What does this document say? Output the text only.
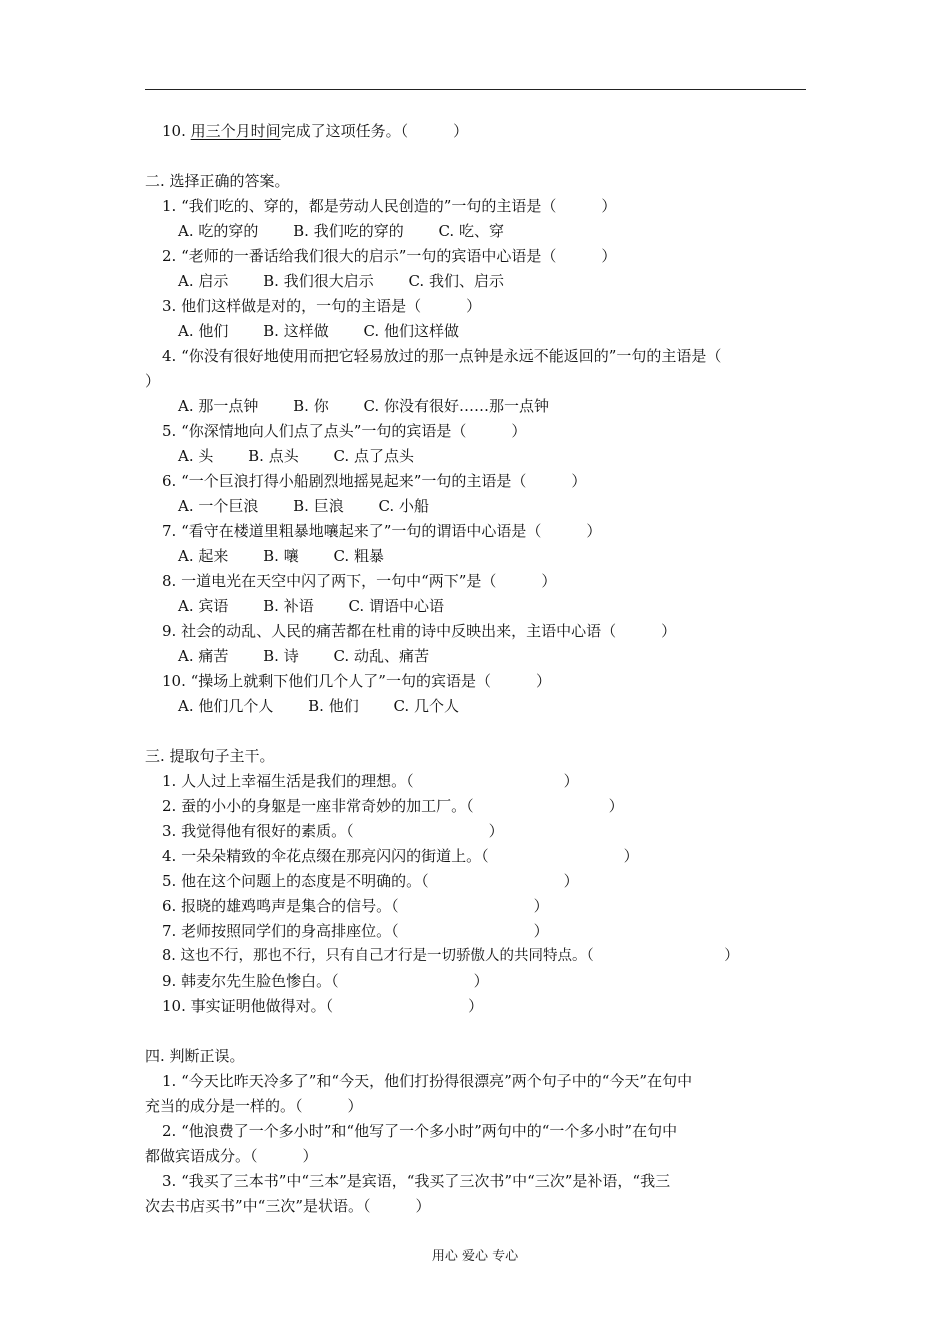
10. 用三个月时间完成了这项任务。（　　　）
二. 选择正确的答案。
1. “我们吃的、穿的，都是劳动人民创造的”一句的主语是（　　　）
A. 吃的穿的　　 B. 我们吃的穿的　　 C. 吃、穿
2. “老师的一番话给我们很大的启示”一句的宾语中心语是（　　　）
A. 启示　　 B. 我们很大启示　　 C. 我们、启示
3. 他们这样做是对的，一句的主语是（　　　）
A. 他们　　 B. 这样做　　 C. 他们这样做
4. “你没有很好地使用而把它轻易放过的那一点钟是永远不能返回的”一句的主语是（
）
A. 那一点钟　　 B. 你　　 C. 你没有很好……那一点钟
5. “你深情地向人们点了点头”一句的宾语是（　　　）
A. 头　　 B. 点头　　 C. 点了点头
6. “一个巨浪打得小船剧烈地摇晃起来”一句的主语是（　　　）
A. 一个巨浪　　 B. 巨浪　　 C. 小船
7. “看守在楼道里粗暴地嚷起来了”一句的谓语中心语是（　　　）
A. 起来　　 B. 嚷　　 C. 粗暴
8. 一道电光在天空中闪了两下，一句中“两下”是（　　　）
A. 宾语　　 B. 补语　　 C. 谓语中心语
9. 社会的动乱、人民的痛苦都在杜甫的诗中反映出来，主语中心语（　　　）
A. 痛苦　　 B. 诗　　 C. 动乱、痛苦
10. “操场上就剩下他们几个人了”一句的宾语是（　　　）
A. 他们几个人　　 B. 他们　　 C. 几个人
三. 提取句子主干。
1. 人人过上幸福生活是我们的理想。（　　　　　　　　　　）
2. 蚕的小小的身躯是一座非常奇妙的加工厂。（　　　　　　　　　）
3. 我觉得他有很好的素质。（　　　　　　　　　）
4. 一朵朵精致的伞花点缀在那亮闪闪的街道上。（　　　　　　　　　）
5. 他在这个问题上的态度是不明确的。（　　　　　　　　　）
6. 报晓的雄鸡鸣声是集合的信号。（　　　　　　　　　）
7. 老师按照同学们的身高排座位。（　　　　　　　　　）
8. 这也不行，那也不行，只有自己才行是一切骄傲人的共同特点。（　　　　　　　　　）
9. 韩麦尔先生脸色惨白。（　　　　　　　　　）
10. 事实证明他做得对。（　　　　　　　　　）
四. 判断正误。
1. “今天比昨天冷多了”和“今天，他们打扮得很漂亮”两个句子中的“今天”在句中
充当的成分是一样的。（　　　）
2. “他浪费了一个多小时”和“他写了一个多小时”两句中的“一个多小时”在句中
都做宾语成分。（　　　）
3. “我买了三本书”中“三本”是宾语，“我买了三次书”中“三次”是补语，“我三
次去书店买书”中“三次”是状语。（　　　）
用心 爱心 专心
